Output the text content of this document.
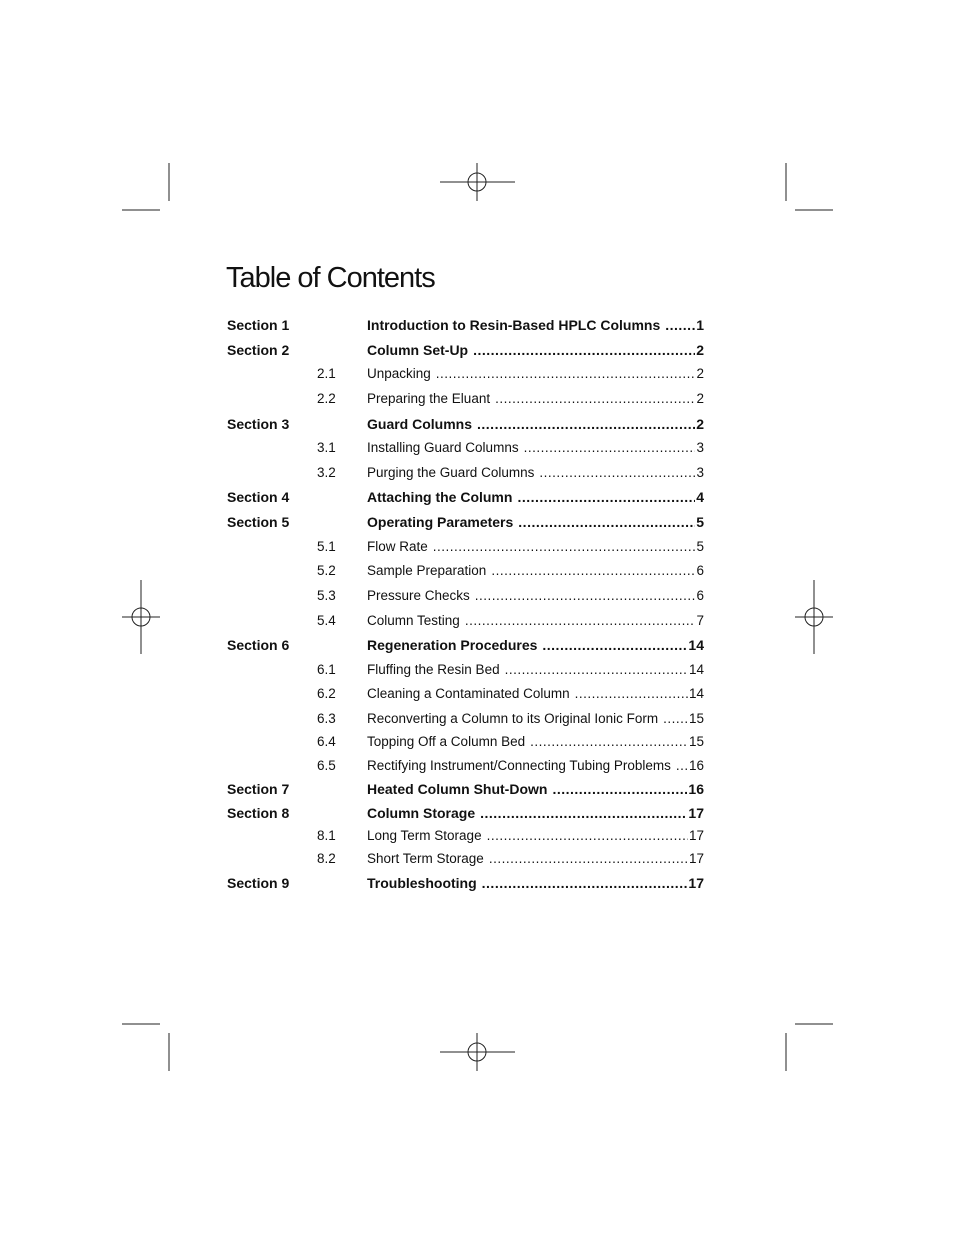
Table of Contents
Section 1	Introduction to Resin-Based HPLC Columns .....	1
Section 2	Column Set-Up .....	2
2.1 Unpacking .....	2
2.2 Preparing the Eluant .....	2
Section 3	Guard Columns .....	2
3.1 Installing Guard Columns .....	3
3.2 Purging the Guard Columns .....	3
Section 4	Attaching the Column .....	4
Section 5	Operating Parameters .....	5
5.1 Flow Rate .....	5
5.2 Sample Preparation .....	6
5.3 Pressure Checks .....	6
5.4 Column Testing .....	7
Section 6	Regeneration Procedures .....	14
6.1 Fluffing the Resin Bed .....	14
6.2 Cleaning a Contaminated Column .....	14
6.3 Reconverting a Column to its Original Ionic Form ..... 15
6.4 Topping Off a Column Bed .....	15
6.5 Rectifying Instrument/Connecting Tubing Problems ..... 16
Section 7	Heated Column Shut-Down .....	16
Section 8	Column Storage .....	17
8.1 Long Term Storage .....	17
8.2 Short Term Storage .....	17
Section 9	Troubleshooting .....	17
